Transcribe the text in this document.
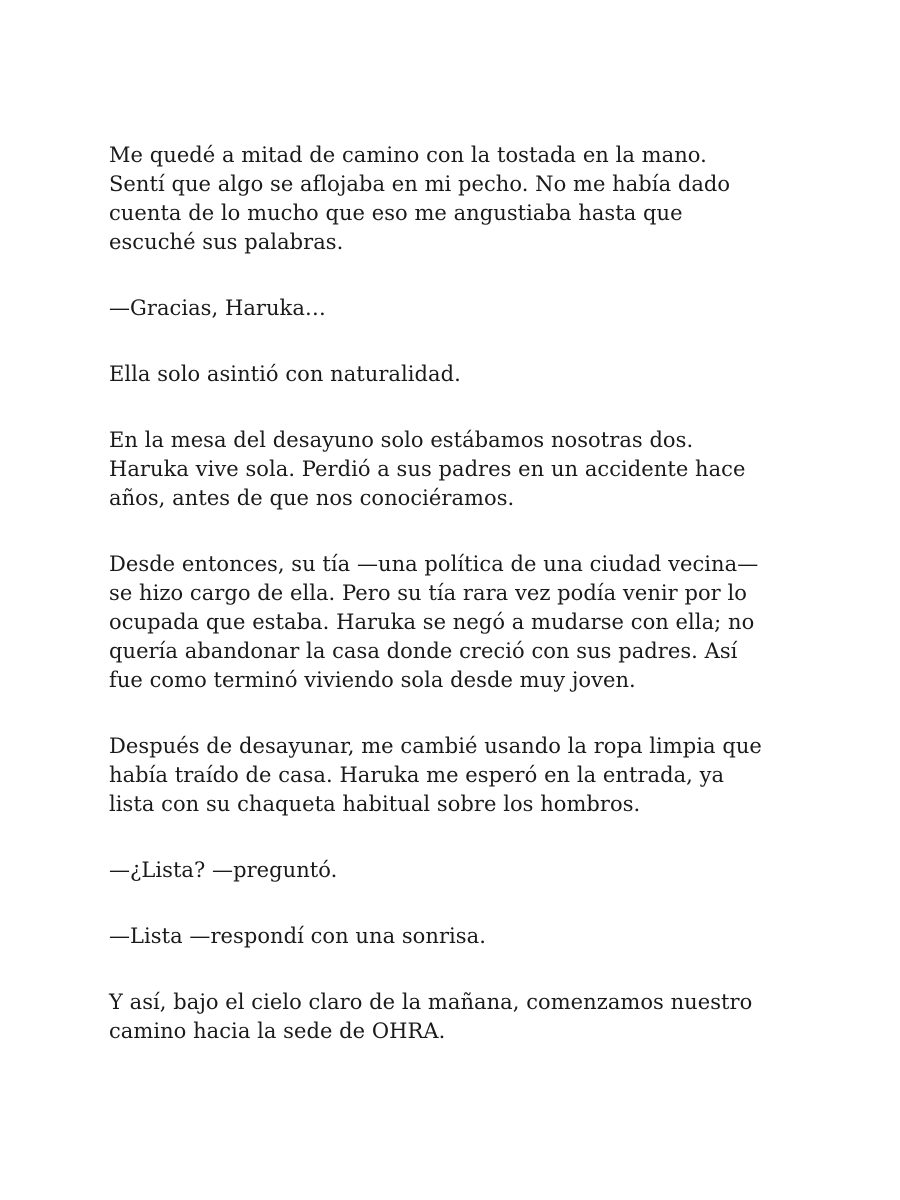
Me quedé a mitad de camino con la tostada en la mano.
Sentí que algo se aflojaba en mi pecho. No me había dado
cuenta de lo mucho que eso me angustiaba hasta que
escuché sus palabras.

—Gracias, Haruka…

Ella solo asintió con naturalidad.

En la mesa del desayuno solo estábamos nosotras dos.
Haruka vive sola. Perdió a sus padres en un accidente hace
años, antes de que nos conociéramos.

Desde entonces, su tía —una política de una ciudad vecina—
se hizo cargo de ella. Pero su tía rara vez podía venir por lo
ocupada que estaba. Haruka se negó a mudarse con ella; no
quería abandonar la casa donde creció con sus padres. Así
fue como terminó viviendo sola desde muy joven.

Después de desayunar, me cambié usando la ropa limpia que
había traído de casa. Haruka me esperó en la entrada, ya
lista con su chaqueta habitual sobre los hombros.

—¿Lista? —preguntó.

—Lista —respondí con una sonrisa.

Y así, bajo el cielo claro de la mañana, comenzamos nuestro
camino hacia la sede de OHRA.
